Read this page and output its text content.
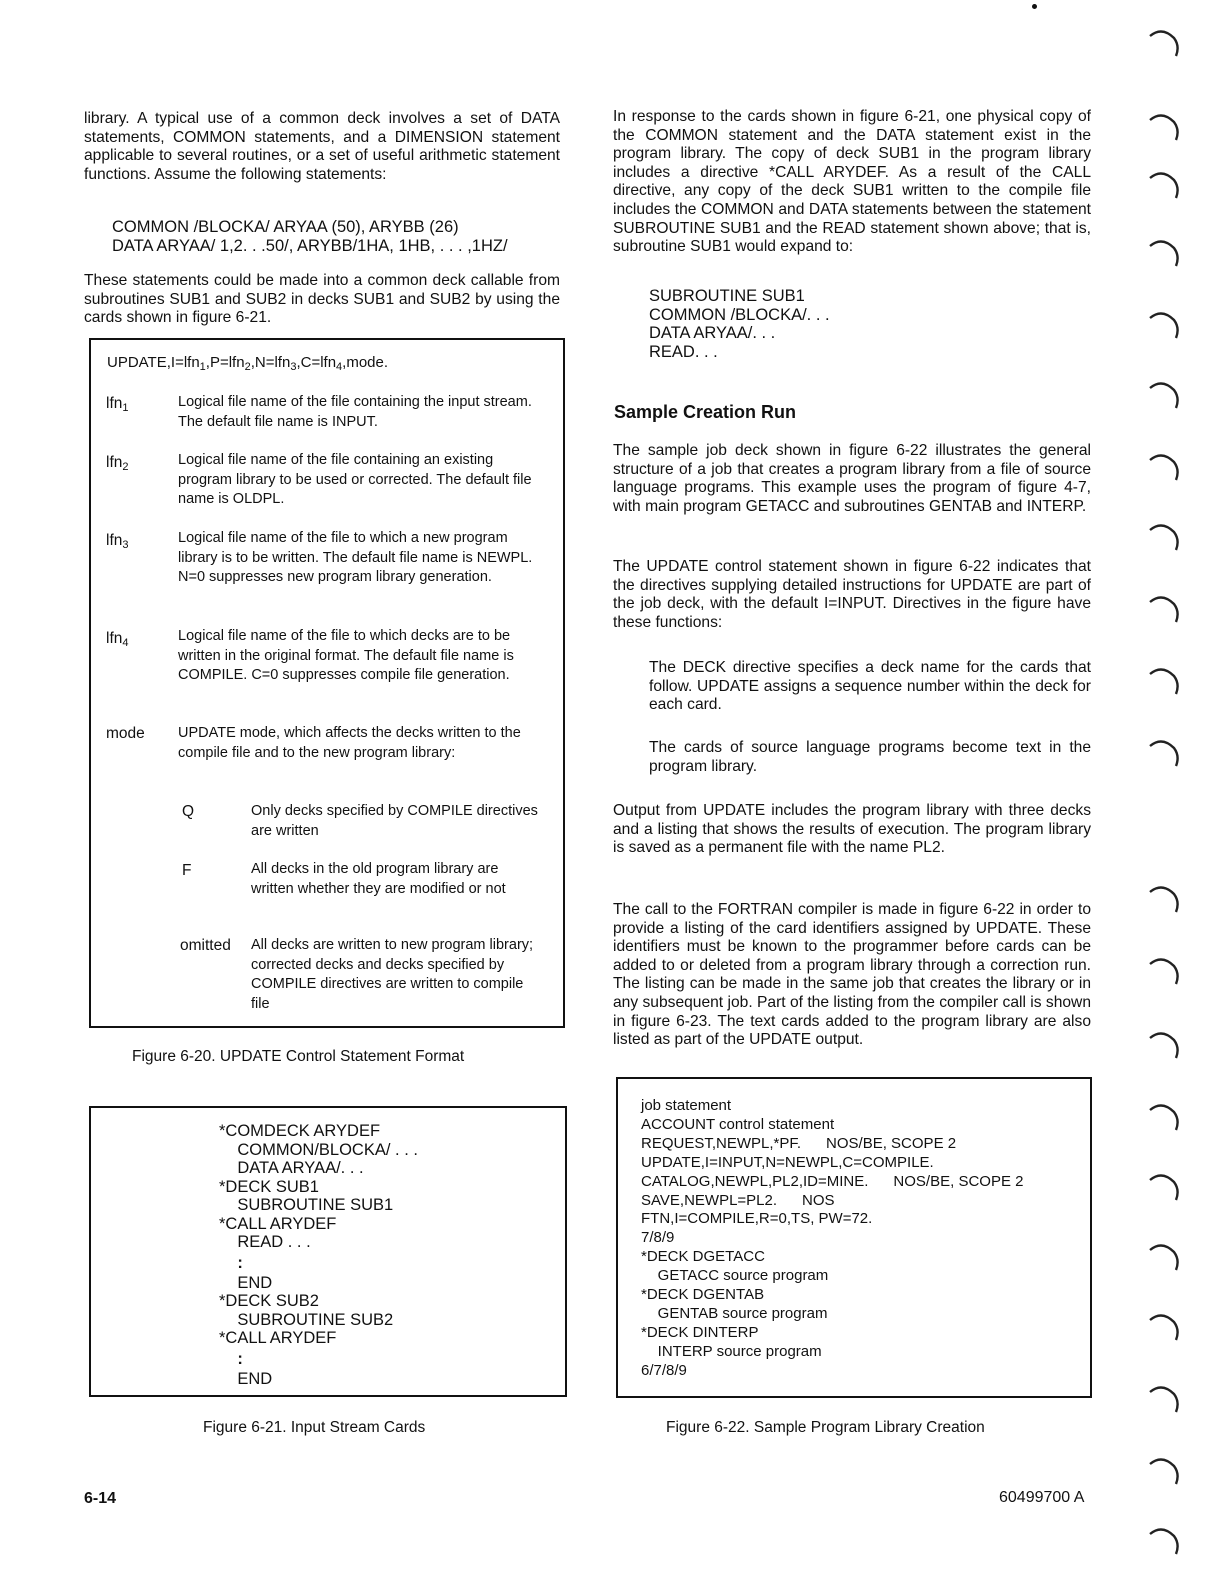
library. A typical use of a common deck involves a set of DATA statements, COMMON statements, and a DIMENSION statement applicable to several routines, or a set of useful arithmetic statement functions. Assume the following statements:

COMMON /BLOCKA/ ARYAA (50), ARYBB (26)
DATA ARYAA/ 1,2. . .50/, ARYBB/1HA, 1HB, . . . ,1HZ/

These statements could be made into a common deck callable from subroutines SUB1 and SUB2 in decks SUB1 and SUB2 by using the cards shown in figure 6-21.

UPDATE,I=lfn$_1$,P=lfn$_2$,N=lfn$_3$,C=lfn$_4$,mode.
lfn1	Logical file name of the file containing the input stream. The default file name is INPUT.
lfn2	Logical file name of the file containing an existing program library to be used or corrected. The default file name is OLDPL.
lfn3	Logical file name of the file to which a new program library is to be written. The default file name is NEWPL. N=0 suppresses new program library generation.
lfn4	Logical file name of the file to which decks are to be written in the original format. The default file name is COMPILE. C=0 suppresses compile file generation.
mode UPDATE mode, which affects the decks written to the compile file and to the new program library:
Q	Only decks specified by COMPILE directives are written
F	All decks in the old program library are written whether they are modified or not
omitted All decks are written to new program library; corrected decks and decks specified by COMPILE directives are written to compile file
Figure 6-20. UPDATE Control Statement Format
*COMDECK ARYDEF
COMMON/BLOCKA/ . . .
DATA ARYAA/. . .
*DECK SUB1
SUBROUTINE SUB1
*CALL ARYDEF
READ . . .
:
END
*DECK SUB2
SUBROUTINE SUB2
*CALL ARYDEF
:
END
Figure 6-21. Input Stream Cards

In response to the cards shown in figure 6-21, one physical copy of the COMMON statement and the DATA statement exist in the program library. The copy of deck SUB1 in the program library includes a directive *CALL ARYDEF. As a result of the CALL directive, any copy of the deck SUB1 written to the compile file includes the COMMON and DATA statements between the statement SUBROUTINE SUB1 and the READ statement shown above; that is, subroutine SUB1 would expand to:

SUBROUTINE SUB1
COMMON /BLOCKA/. . .
DATA ARYAA/. . .
READ. . .
Sample Creation Run

The sample job deck shown in figure 6-22 illustrates the general structure of a job that creates a program library from a file of source language programs. This example uses the program of figure 4-7, with main program GETACC and subroutines GENTAB and INTERP.

The UPDATE control statement shown in figure 6-22 indicates that the directives supplying detailed instructions for UPDATE are part of the job deck, with the default I=INPUT. Directives in the figure have these functions:

The DECK directive specifies a deck name for the cards that follow. UPDATE assigns a sequence number within the deck for each card.

The cards of source language programs become text in the program library.

Output from UPDATE includes the program library with three decks and a listing that shows the results of execution. The program library is saved as a permanent file with the name PL2.

The call to the FORTRAN compiler is made in figure 6-22 in order to provide a listing of the card identifiers assigned by UPDATE. These identifiers must be known to the programmer before cards can be added to or deleted from a program library through a correction run. The listing can be made in the same job that creates the library or in any subsequent job. Part of the listing from the compiler call is shown in figure 6-23. The text cards added to the program library are also listed as part of the UPDATE output.

job statement
ACCOUNT control statement
REQUEST,NEWPL,*PF.      NOS/BE, SCOPE 2
UPDATE,I=INPUT,N=NEWPL,C=COMPILE.
CATALOG,NEWPL,PL2,ID=MINE.      NOS/BE, SCOPE 2
SAVE,NEWPL=PL2.      NOS
FTN,I=COMPILE,R=0,TS, PW=72.
7/8/9
*DECK DGETACC
GETACC source program
*DECK DGENTAB
GENTAB source program
*DECK DINTERP
INTERP source program
6/7/8/9
Figure 6-22. Sample Program Library Creation
6-14	60499700 A
